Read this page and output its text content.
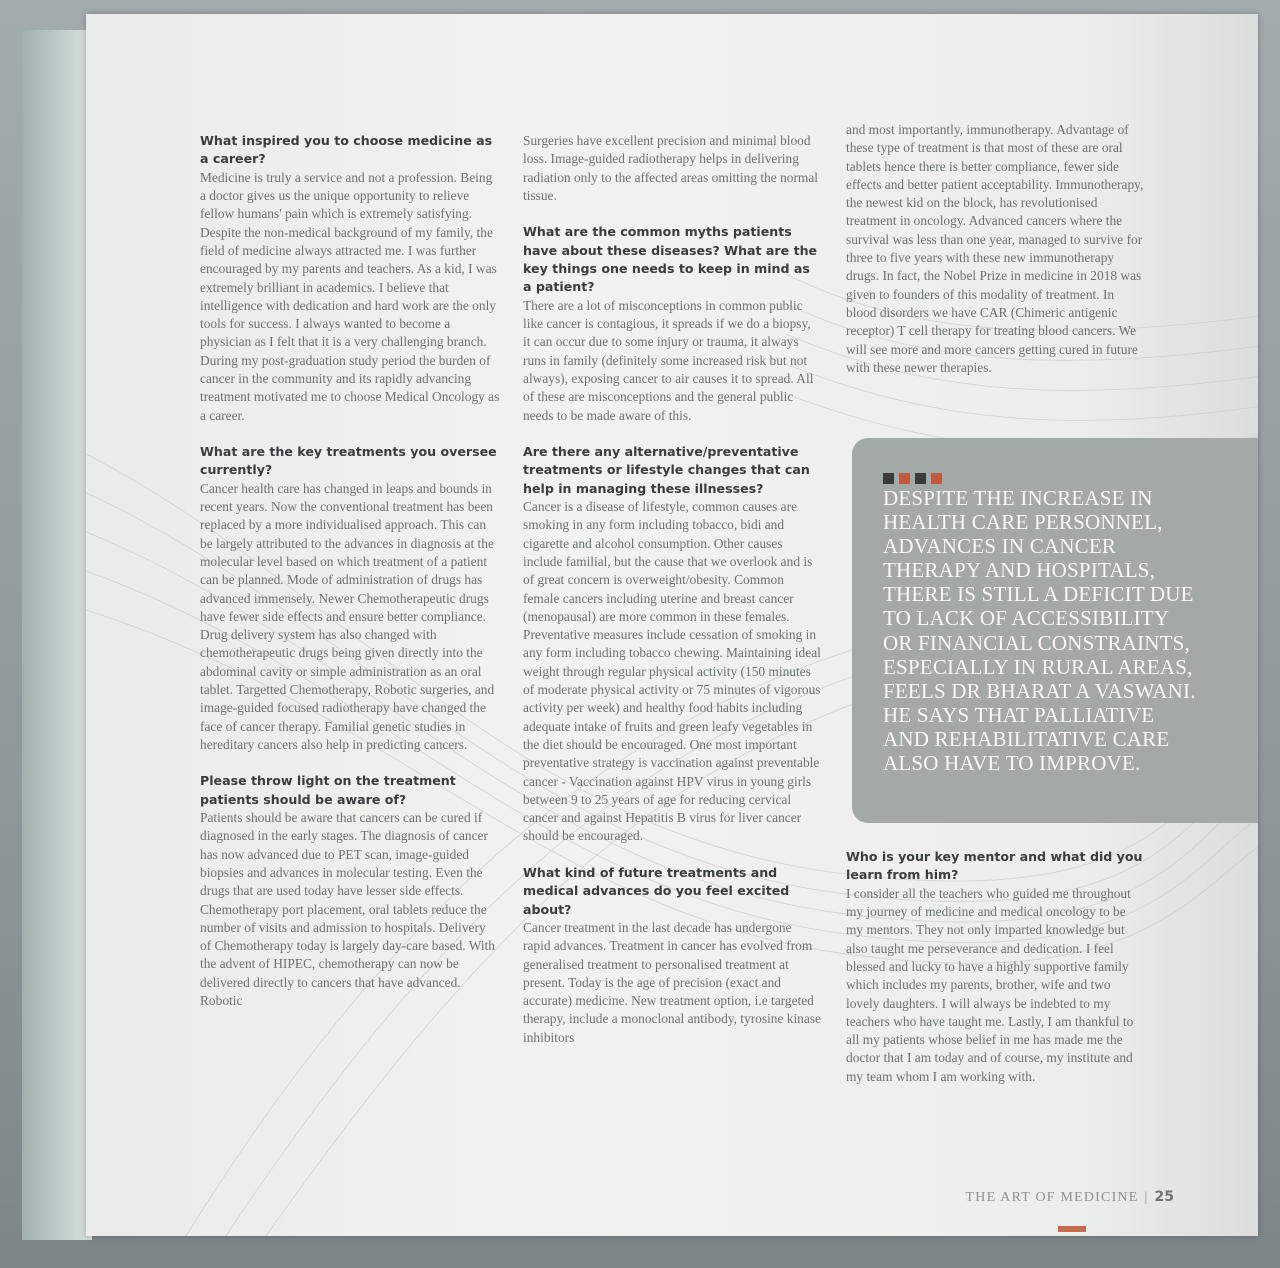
What inspired you to choose medicine as a career?

Medicine is truly a service and not a profession. Being a doctor gives us the unique opportunity to relieve fellow humans' pain which is extremely satisfying. Despite the non-medical background of my family, the field of medicine always attracted me. I was further encouraged by my parents and teachers. As a kid, I was extremely brilliant in academics. I believe that intelligence with dedication and hard work are the only tools for success. I always wanted to become a physician as I felt that it is a very challenging branch. During my post-graduation study period the burden of cancer in the community and its rapidly advancing treatment motivated me to choose Medical Oncology as a career.

What are the key treatments you oversee currently?

Cancer health care has changed in leaps and bounds in recent years. Now the conventional treatment has been replaced by a more individualised approach. This can be largely attributed to the advances in diagnosis at the molecular level based on which treatment of a patient can be planned. Mode of administration of drugs has advanced immensely. Newer Chemotherapeutic drugs have fewer side effects and ensure better compliance. Drug delivery system has also changed with chemotherapeutic drugs being given directly into the abdominal cavity or simple administration as an oral tablet. Targetted Chemotherapy, Robotic surgeries, and image-guided focused radiotherapy have changed the face of cancer therapy. Familial genetic studies in hereditary cancers also help in predicting cancers.

Please throw light on the treatment patients should be aware of?

Patients should be aware that cancers can be cured if diagnosed in the early stages. The diagnosis of cancer has now advanced due to PET scan, image-guided biopsies and advances in molecular testing. Even the drugs that are used today have lesser side effects. Chemotherapy port placement, oral tablets reduce the number of visits and admission to hospitals. Delivery of Chemotherapy today is largely day-care based. With the advent of HIPEC, chemotherapy can now be delivered directly to cancers that have advanced. Robotic

Surgeries have excellent precision and minimal blood loss. Image-guided radiotherapy helps in delivering radiation only to the affected areas omitting the normal tissue.

What are the common myths patients have about these diseases? What are the key things one needs to keep in mind as a patient?

There are a lot of misconceptions in common public like cancer is contagious, it spreads if we do a biopsy, it can occur due to some injury or trauma, it always runs in family (definitely some increased risk but not always), exposing cancer to air causes it to spread. All of these are misconceptions and the general public needs to be made aware of this.

Are there any alternative/preventative treatments or lifestyle changes that can help in managing these illnesses?

Cancer is a disease of lifestyle, common causes are smoking in any form including tobacco, bidi and cigarette and alcohol consumption. Other causes include familial, but the cause that we overlook and is of great concern is overweight/obesity. Common female cancers including uterine and breast cancer (menopausal) are more common in these females. Preventative measures include cessation of smoking in any form including tobacco chewing. Maintaining ideal weight through regular physical activity (150 minutes of moderate physical activity or 75 minutes of vigorous activity per week) and healthy food habits including adequate intake of fruits and green leafy vegetables in the diet should be encouraged. One most important preventative strategy is vaccination against preventable cancer - Vaccination against HPV virus in young girls between 9 to 25 years of age for reducing cervical cancer and against Hepatitis B virus for liver cancer should be encouraged.

What kind of future treatments and medical advances do you feel excited about?

Cancer treatment in the last decade has undergone rapid advances. Treatment in cancer has evolved from generalised treatment to personalised treatment at present. Today is the age of precision (exact and accurate) medicine. New treatment option, i.e targeted therapy, include a monoclonal antibody, tyrosine kinase inhibitors

and most importantly, immunotherapy. Advantage of these type of treatment is that most of these are oral tablets hence there is better compliance, fewer side effects and better patient acceptability. Immunotherapy, the newest kid on the block, has revolutionised treatment in oncology. Advanced cancers where the survival was less than one year, managed to survive for three to five years with these new immunotherapy drugs. In fact, the Nobel Prize in medicine in 2018 was given to founders of this modality of treatment. In blood disorders we have CAR (Chimeric antigenic receptor) T cell therapy for treating blood cancers. We will see more and more cancers getting cured in future with these newer therapies.

DESPITE THE INCREASE IN HEALTH CARE PERSONNEL, ADVANCES IN CANCER THERAPY AND HOSPITALS, THERE IS STILL A DEFICIT DUE TO LACK OF ACCESSIBILITY OR FINANCIAL CONSTRAINTS, ESPECIALLY IN RURAL AREAS, FEELS DR BHARAT A VASWANI. HE SAYS THAT PALLIATIVE AND REHABILITATIVE CARE ALSO HAVE TO IMPROVE.

Who is your key mentor and what did you learn from him?

I consider all the teachers who guided me throughout my journey of medicine and medical oncology to be my mentors. They not only imparted knowledge but also taught me perseverance and dedication. I feel blessed and lucky to have a highly supportive family which includes my parents, brother, wife and two lovely daughters. I will always be indebted to my teachers who have taught me. Lastly, I am thankful to all my patients whose belief in me has made me the doctor that I am today and of course, my institute and my team whom I am working with.

THE ART OF MEDICINE | 25
